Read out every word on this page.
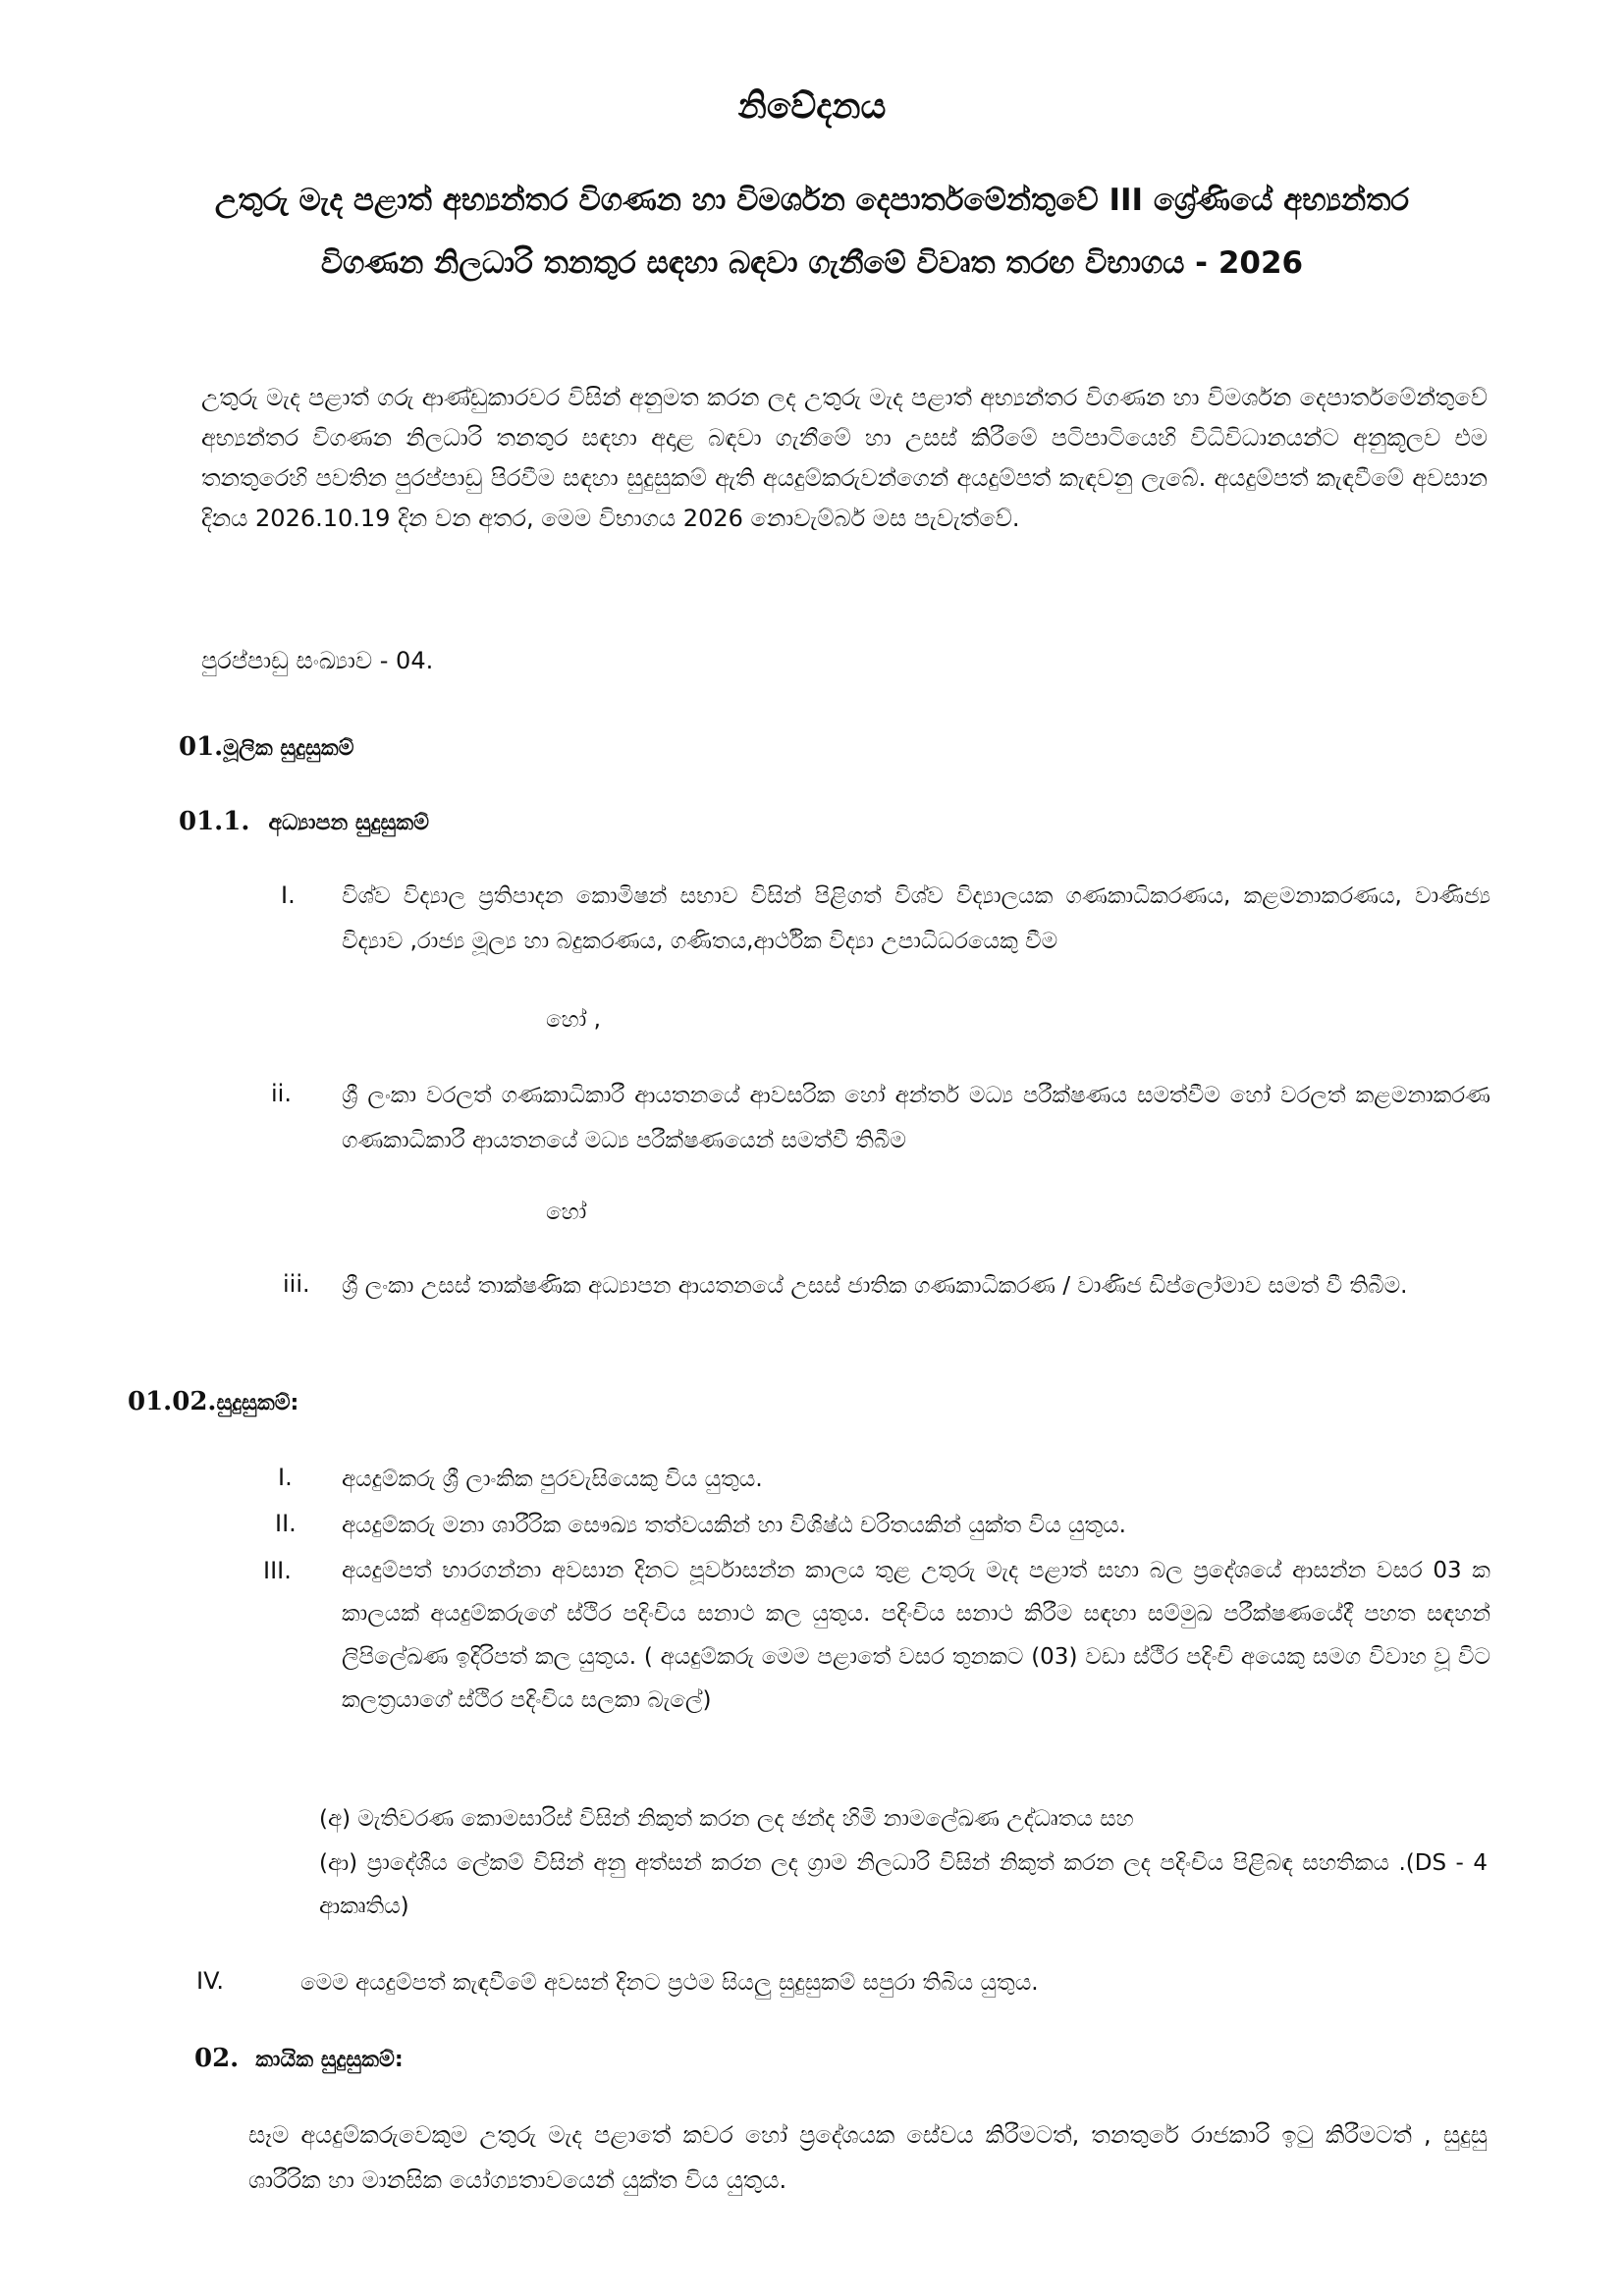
නිවේදනය
උතුරු මැද පළාත් අභ්‍යන්තර විගණන හා විමර්ශන දෙපාර්තමේන්තුවේ III ශ්‍රේණියේ අභ්‍යන්තර විගණන නිලධාරි තනතුර සඳහා බඳවා ගැනීමේ විවෘත තරඟ විභාගය - 2026
උතුරු මැද පළාත් ගරු ආණ්ඩුකාරවර විසින් අනුමත කරන ලද උතුරු මැද පළාත් අභ්‍යන්තර විගණන හා විමර්ශන දෙපාර්තමේන්තුවේ අභ්‍යන්තර විගණන නිලධාරි තනතුර සඳහා අදාළ බඳවා ගැනීමේ හා උසස් කිරීමේ පටිපාටියෙහි විධිවිධානයන්ට අනුකූලව එම තනතුරෙහි පවතින පුරප්පාඩු පිරවීම සඳහා සුදුසුකම් ඇති අයදුම්කරුවන්ගෙන් අයදුම්පත් කැඳවනු ලැබේ. අයදුම්පත් කැඳවීමේ අවසාන දිනය 2026.10.19 දින වන අතර, මෙම විභාගය 2026 නොවැම්බර් මස පැවැත්වේ.
පුරප්පාඩු සංඛ්‍යාව - 04.
01.මූලික සුදුසුකම්
01.1. අධ්‍යාපන සුදුසුකම්
I. විශ්ව විද්‍යාල ප්‍රතිපාදන කොමිෂන් සභාව විසින් පිළිගත් විශ්ව විද්‍යාලයක ගණකාධිකරණය, කළමනාකරණය, වාණිජ්‍ය විද්‍යාව ,රාජ්‍ය මූල්‍ය හා බදුකරණය, ගණිතය,ආර්ථික විද්‍යා උපාධිධරයෙකු වීම
හෝ ,
ii. ශ්‍රී ලංකා වරලත් ගණකාධිකාරී ආයතනයේ ආවසරික හෝ අන්තර් මධ්‍ය පරීක්ෂණය සමත්වීම හෝ වරලත් කළමනාකරණ ගණකාධිකාරී ආයතනයේ මධ්‍ය පරීක්ෂණයෙන් සමත්වී තිබීම
හෝ
iii. ශ්‍රී ලංකා උසස් තාක්ෂණික අධ්‍යාපන ආයතනයේ උසස් ජාතික ගණකාධිකරණ / වාණිජ ඩිප්ලෝමාව සමත් වී තිබීම.
01.02.සුදුසුකම්:
I. අයදුම්කරු ශ්‍රී ලාංකික පුරවැසියෙකු විය යුතුය.
II. අයදුම්කරු මනා ශාරීරික සෞඛ්‍ය තත්වයකින් හා විශිෂ්ඨ චරිතයකින් යුක්ත විය යුතුය.
III. අයදුම්පත් භාරගන්නා අවසාන දිනට පූර්වාසන්න කාලය තුළ උතුරු මැද පළාත් සහා බල ප්‍රදේශයේ ආසන්න වසර 03 ක කාලයක් අයදුම්කරුගේ ස්ථිර පදිංචිය සනාථ කල යුතුය. පදිංචිය සනාථ කිරීම සඳහා සම්මුඛ පරීක්ෂණයේදී පහත සඳහන් ලිපිලේඛණ ඉදිරිපත් කල යුතුය. ( අයදුම්කරු මෙම පළාතේ වසර තුනකට (03) වඩා ස්ථිර පදිංචි අයෙකු සමග විවාහ වූ විට කලත්‍රයාගේ ස්ථිර පදිංචිය සලකා බැලේ)
(අ) මැතිවරණ කොමසාරිස් විසින් නිකුත් කරන ලද ඡන්ද හිමි නාමලේඛණ උද්ධෘතය සහ
(ආ) ප්‍රාදේශීය ලේකම් විසින් අනු අත්සන් කරන ලද ග්‍රාම නිලධාරි විසින් නිකුත් කරන ලද පදිංචිය පිළිබඳ සහතිකය .(DS - 4 ආකෘතිය)
IV.	මෙම අයදුම්පත් කැඳවීමේ අවසන් දිනට ප්‍රථම සියලු සුදුසුකම් සපුරා තිබිය යුතුය.
02. කායික සුදුසුකම්:
සෑම අයදුම්කරුවෙකුම උතුරු මැද පළාතේ කවර හෝ ප්‍රදේශයක සේවය කිරීමටත්, තනතුරේ රාජකාරි ඉටු කිරීමටත් , සුදුසු ශාරීරික හා මානසික යෝග්‍යතාවයෙන් යුක්ත විය යුතුය.
